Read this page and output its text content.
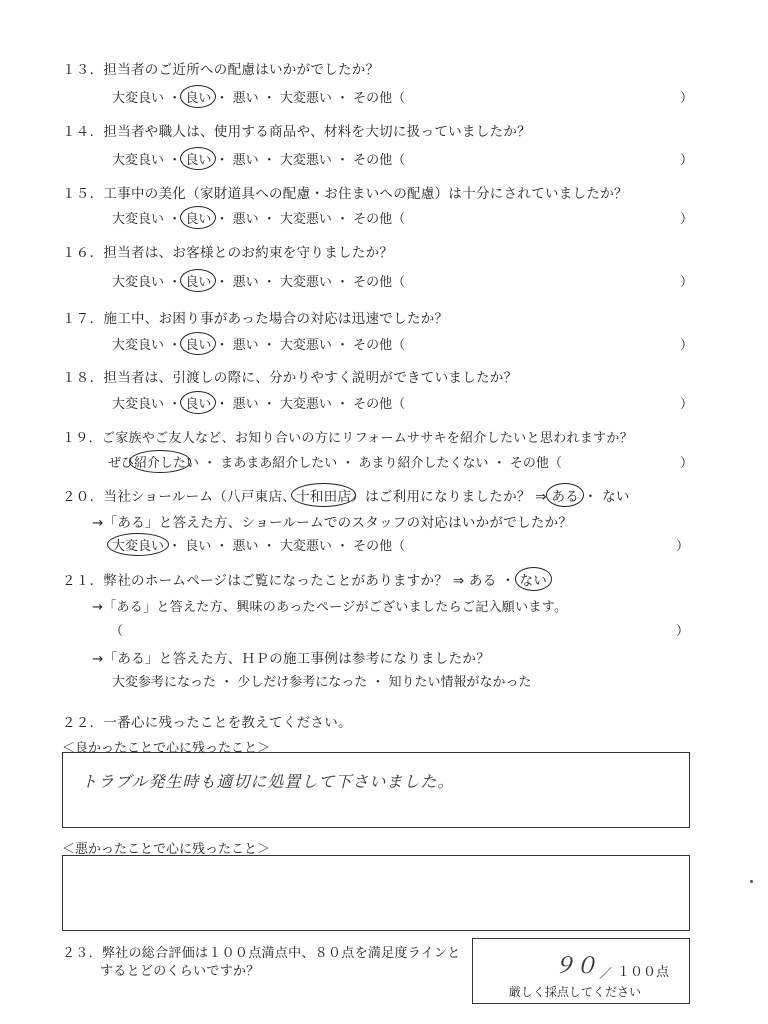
１３．担当者のご近所への配慮はいかがでしたか？
大変良い ・ 良い ・ 悪い ・ 大変悪い ・ その他（	）
１４．担当者や職人は、使用する商品や、材料を大切に扱っていましたか？
大変良い ・ 良い ・ 悪い ・ 大変悪い ・ その他（	）
１５．工事中の美化（家財道具への配慮・お住まいへの配慮）は十分にされていましたか？
大変良い ・ 良い ・ 悪い ・ 大変悪い ・ その他（	）
１６．担当者は、お客様とのお約束を守りましたか？
大変良い ・ 良い ・ 悪い ・ 大変悪い ・ その他（	）
１７．施工中、お困り事があった場合の対応は迅速でしたか？
大変良い ・ 良い ・ 悪い ・ 大変悪い ・ その他（	）
１８．担当者は、引渡しの際に、分かりやすく説明ができていましたか？
大変良い ・ 良い ・ 悪い ・ 大変悪い ・ その他（	）
１９．ご家族やご友人など、お知り合いの方にリフォームササキを紹介したいと思われますか？
ぜひ紹介したい ・ まあまあ紹介したい ・ あまり紹介したくない ・ その他（	）
２０．当社ショールーム（八戸東店、十和田店）はご利用になりましたか？ ⇒ ある ・ ない
→「ある」と答えた方、ショールームでのスタッフの対応はいかがでしたか？
大変良い ・ 良い ・ 悪い ・ 大変悪い ・ その他（	）
２１．弊社のホームページはご覧になったことがありますか？ ⇒ ある ・ ない
→「ある」と答えた方、興味のあったページがございましたらご記入願います。
（	）
→「ある」と答えた方、ＨＰの施工事例は参考になりましたか？
大変参考になった ・ 少しだけ参考になった ・ 知りたい情報がなかった
２２．一番心に残ったことを教えてください。
＜良かったことで心に残ったこと＞
トラブル発生時も適切に処置して下さいました。
＜悪かったことで心に残ったこと＞
２３．弊社の総合評価は１００点満点中、８０点を満足度ラインと
するとどのくらいですか？	９０ ／ １００点
厳しく採点してください
